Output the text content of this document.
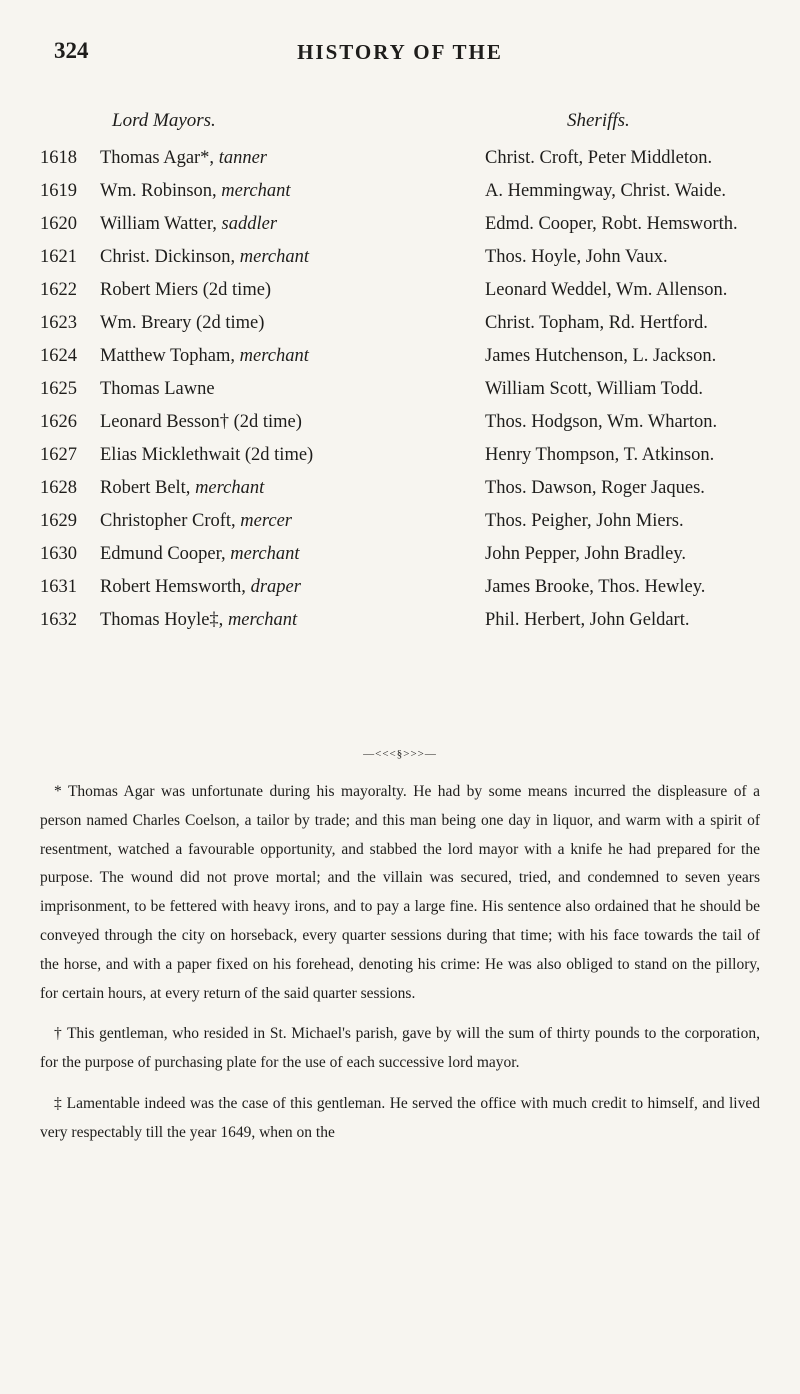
324	HISTORY OF THE
Lord Mayors.	Sheriffs.
1618 Thomas Agar*, tanner	Christ. Croft, Peter Middleton.
1619 Wm. Robinson, merchant	A. Hemmingway, Christ. Waide.
1620 William Watter, saddler	Edmd. Cooper, Robt. Hemsworth.
1621 Christ. Dickinson, merchant	Thos. Hoyle, John Vaux.
1622 Robert Miers (2d time)	Leonard Weddel, Wm. Allenson.
1623 Wm. Breary (2d time)	Christ. Topham, Rd. Hertford.
1624 Matthew Topham, merchant	James Hutchenson, L. Jackson.
1625 Thomas Lawne	William Scott, William Todd.
1626 Leonard Besson† (2d time)	Thos. Hodgson, Wm. Wharton.
1627 Elias Micklethwait (2d time)	Henry Thompson, T. Atkinson.
1628 Robert Belt, merchant	Thos. Dawson, Roger Jaques.
1629 Christopher Croft, mercer	Thos. Peigher, John Miers.
1630 Edmund Cooper, merchant	John Pepper, John Bradley.
1631 Robert Hemsworth, draper	James Brooke, Thos. Hewley.
1632 Thomas Hoyle‡, merchant	Phil. Herbert, John Geldart.
—<<<§>>>—

* Thomas Agar was unfortunate during his mayoralty. He had by some means incurred the displeasure of a person named Charles Coelson, a tailor by trade; and this man being one day in liquor, and warm with a spirit of resentment, watched a favourable opportunity, and stabbed the lord mayor with a knife he had prepared for the purpose. The wound did not prove mortal; and the villain was secured, tried, and condemned to seven years imprisonment, to be fettered with heavy irons, and to pay a large fine. His sentence also ordained that he should be conveyed through the city on horseback, every quarter sessions during that time; with his face towards the tail of the horse, and with a paper fixed on his forehead, denoting his crime: He was also obliged to stand on the pillory, for certain hours, at every return of the said quarter sessions.

† This gentleman, who resided in St. Michael's parish, gave by will the sum of thirty pounds to the corporation, for the purpose of purchasing plate for the use of each successive lord mayor.

‡ Lamentable indeed was the case of this gentleman. He served the office with much credit to himself, and lived very respectably till the year 1649, when on the
